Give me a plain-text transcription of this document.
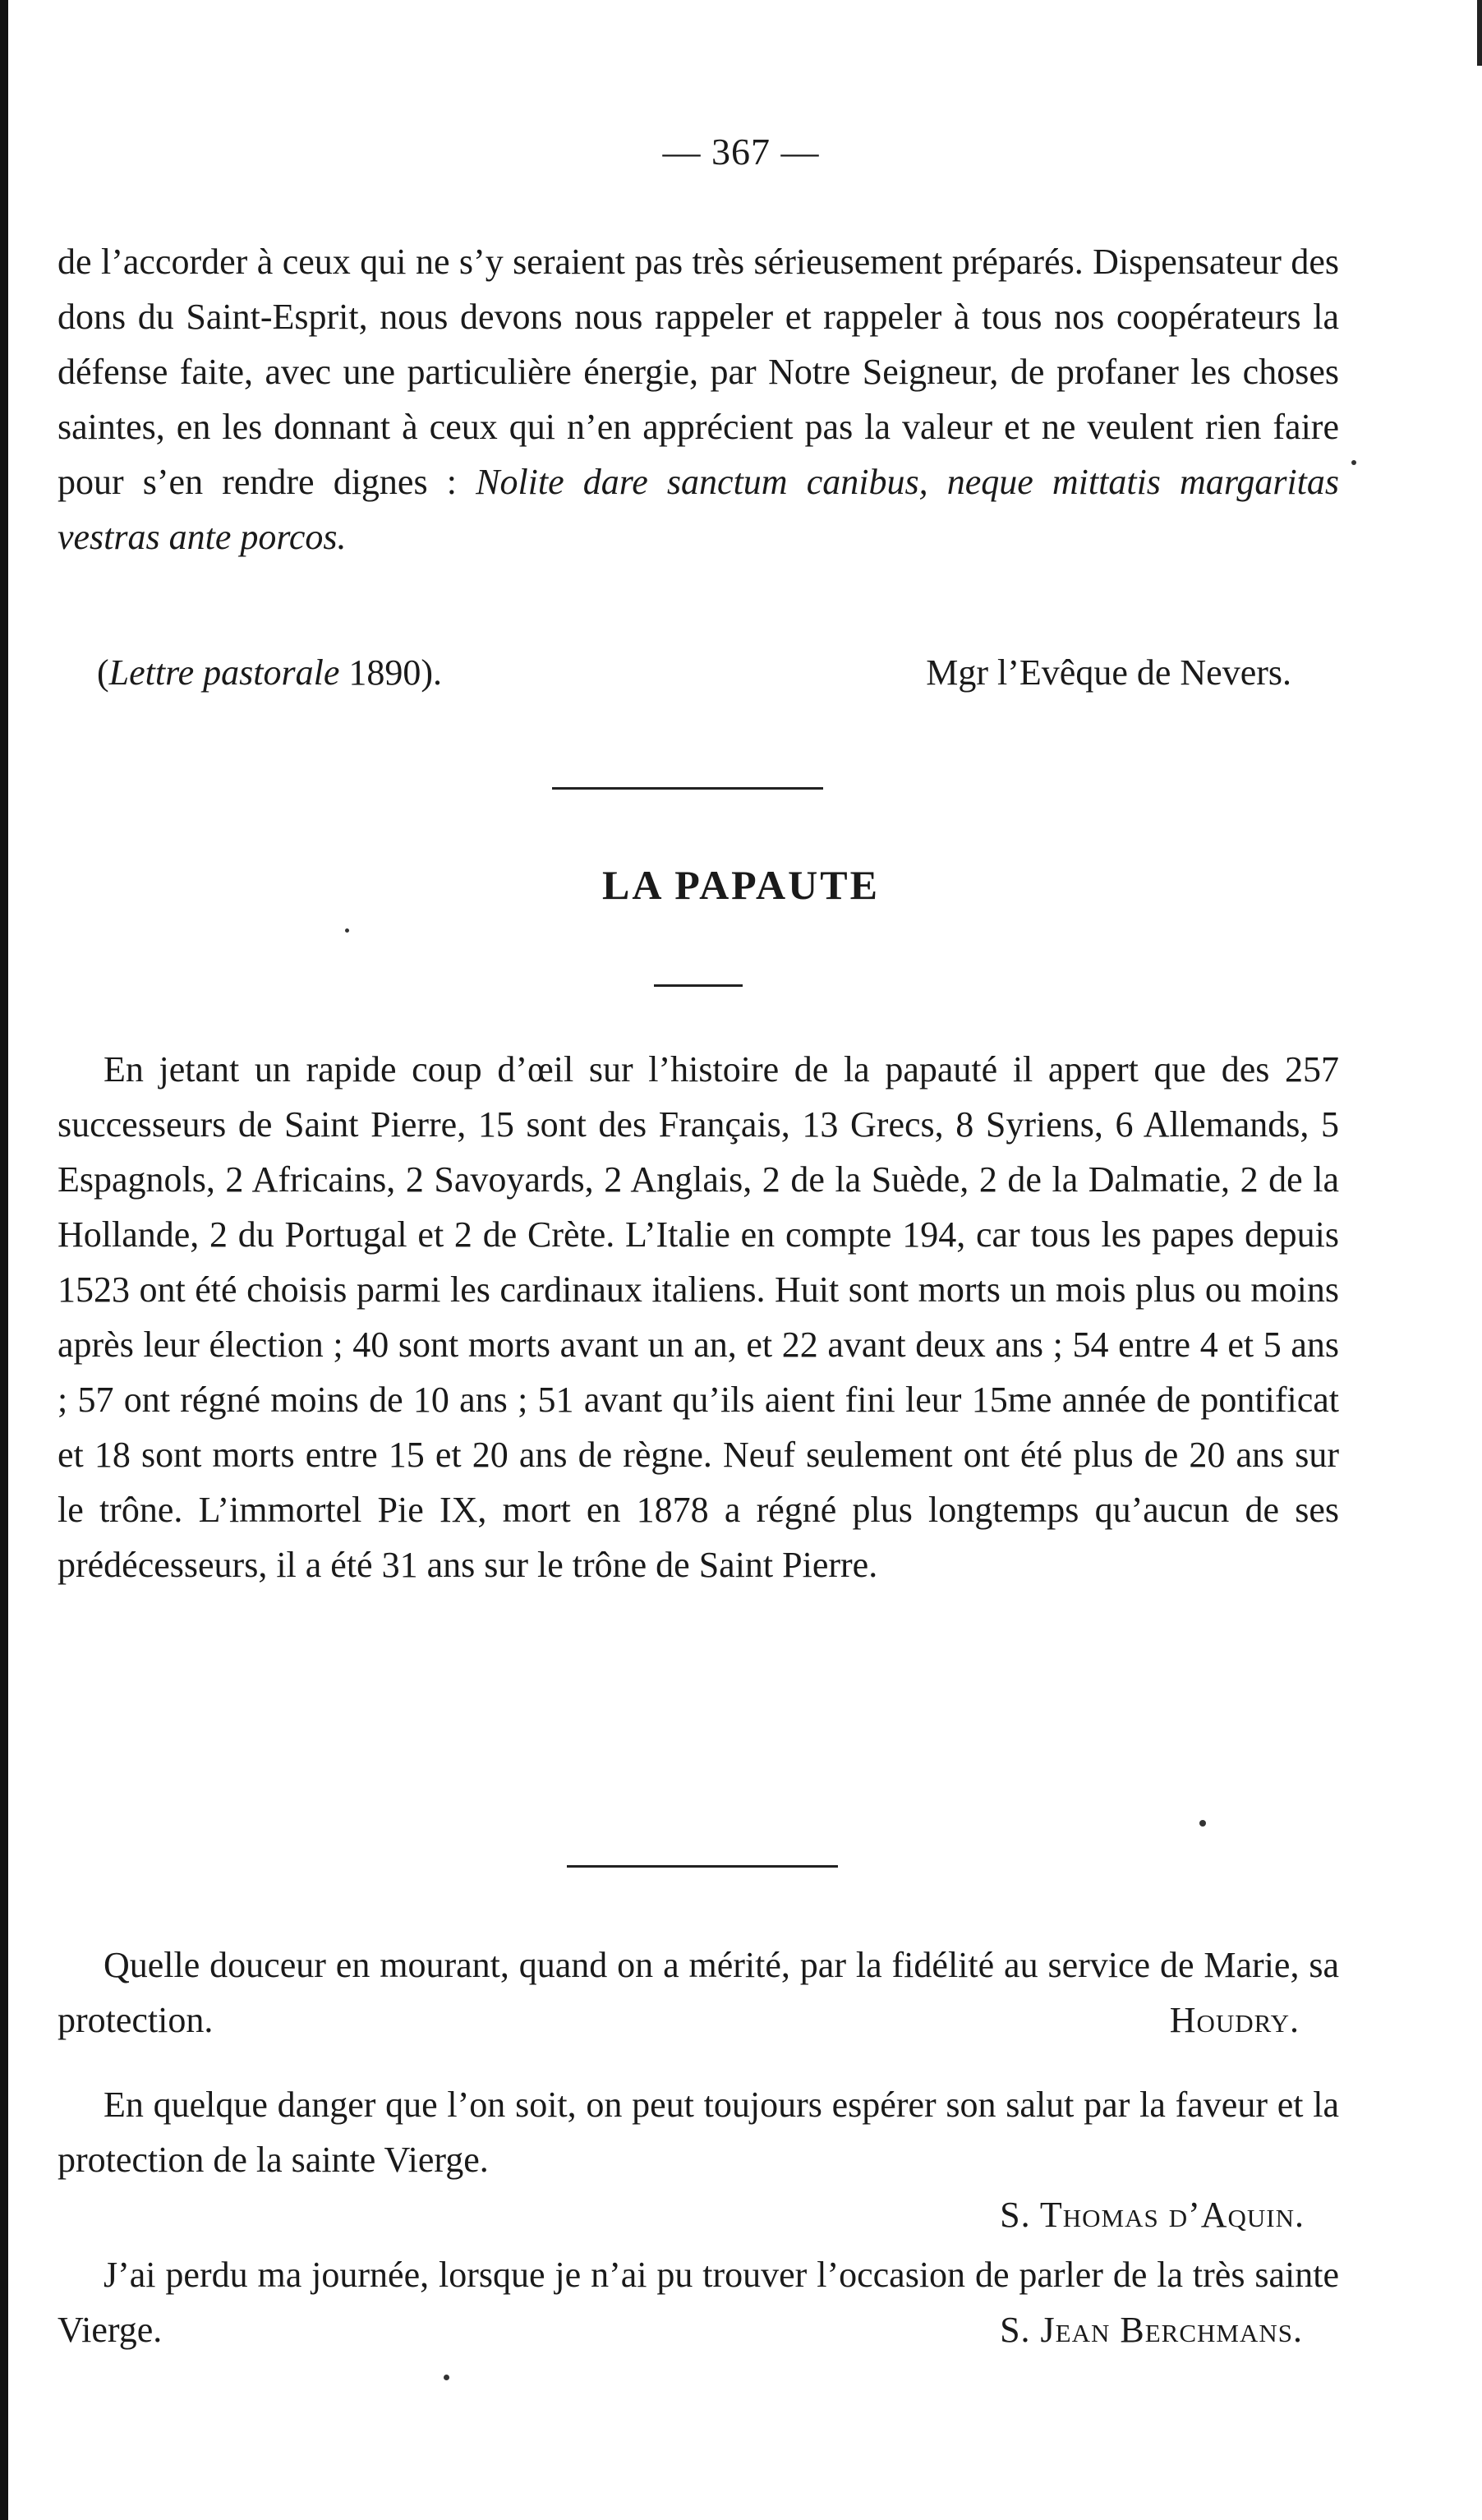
— 367 —

de l’accorder à ceux qui ne s’y seraient pas très sérieusement préparés. Dispensateur des dons du Saint-Esprit, nous devons nous rappeler et rappeler à tous nos coopérateurs la défense faite, avec une particulière énergie, par Notre Seigneur, de profaner les choses saintes, en les donnant à ceux qui n’en apprécient pas la valeur et ne veulent rien faire pour s’en rendre dignes : Nolite dare sanctum canibus, neque mittatis margaritas vestras ante porcos.

(Lettre pastorale 1890).	Mgr l’Evêque de Nevers.
LA PAPAUTE

En jetant un rapide coup d’œil sur l’histoire de la papauté il appert que des 257 successeurs de Saint Pierre, 15 sont des Français, 13 Grecs, 8 Syriens, 6 Allemands, 5 Espagnols, 2 Africains, 2 Savoyards, 2 Anglais, 2 de la Suède, 2 de la Dalmatie, 2 de la Hollande, 2 du Portugal et 2 de Crète. L’Italie en compte 194, car tous les papes depuis 1523 ont été choisis parmi les cardinaux italiens. Huit sont morts un mois plus ou moins après leur élection ; 40 sont morts avant un an, et 22 avant deux ans ; 54 entre 4 et 5 ans ; 57 ont régné moins de 10 ans ; 51 avant qu’ils aient fini leur 15me année de pontificat et 18 sont morts entre 15 et 20 ans de règne. Neuf seulement ont été plus de 20 ans sur le trône. L’immortel Pie IX, mort en 1878 a régné plus longtemps qu’aucun de ses prédécesseurs, il a été 31 ans sur le trône de Saint Pierre.

Quelle douceur en mourant, quand on a mérité, par la fidélité au service de Marie, sa protection.	Houdry.

En quelque danger que l’on soit, on peut toujours espérer son salut par la faveur et la protection de la sainte Vierge.

S. Thomas d’Aquin.

J’ai perdu ma journée, lorsque je n’ai pu trouver l’occasion de parler de la très sainte Vierge.	S. Jean Berchmans.
